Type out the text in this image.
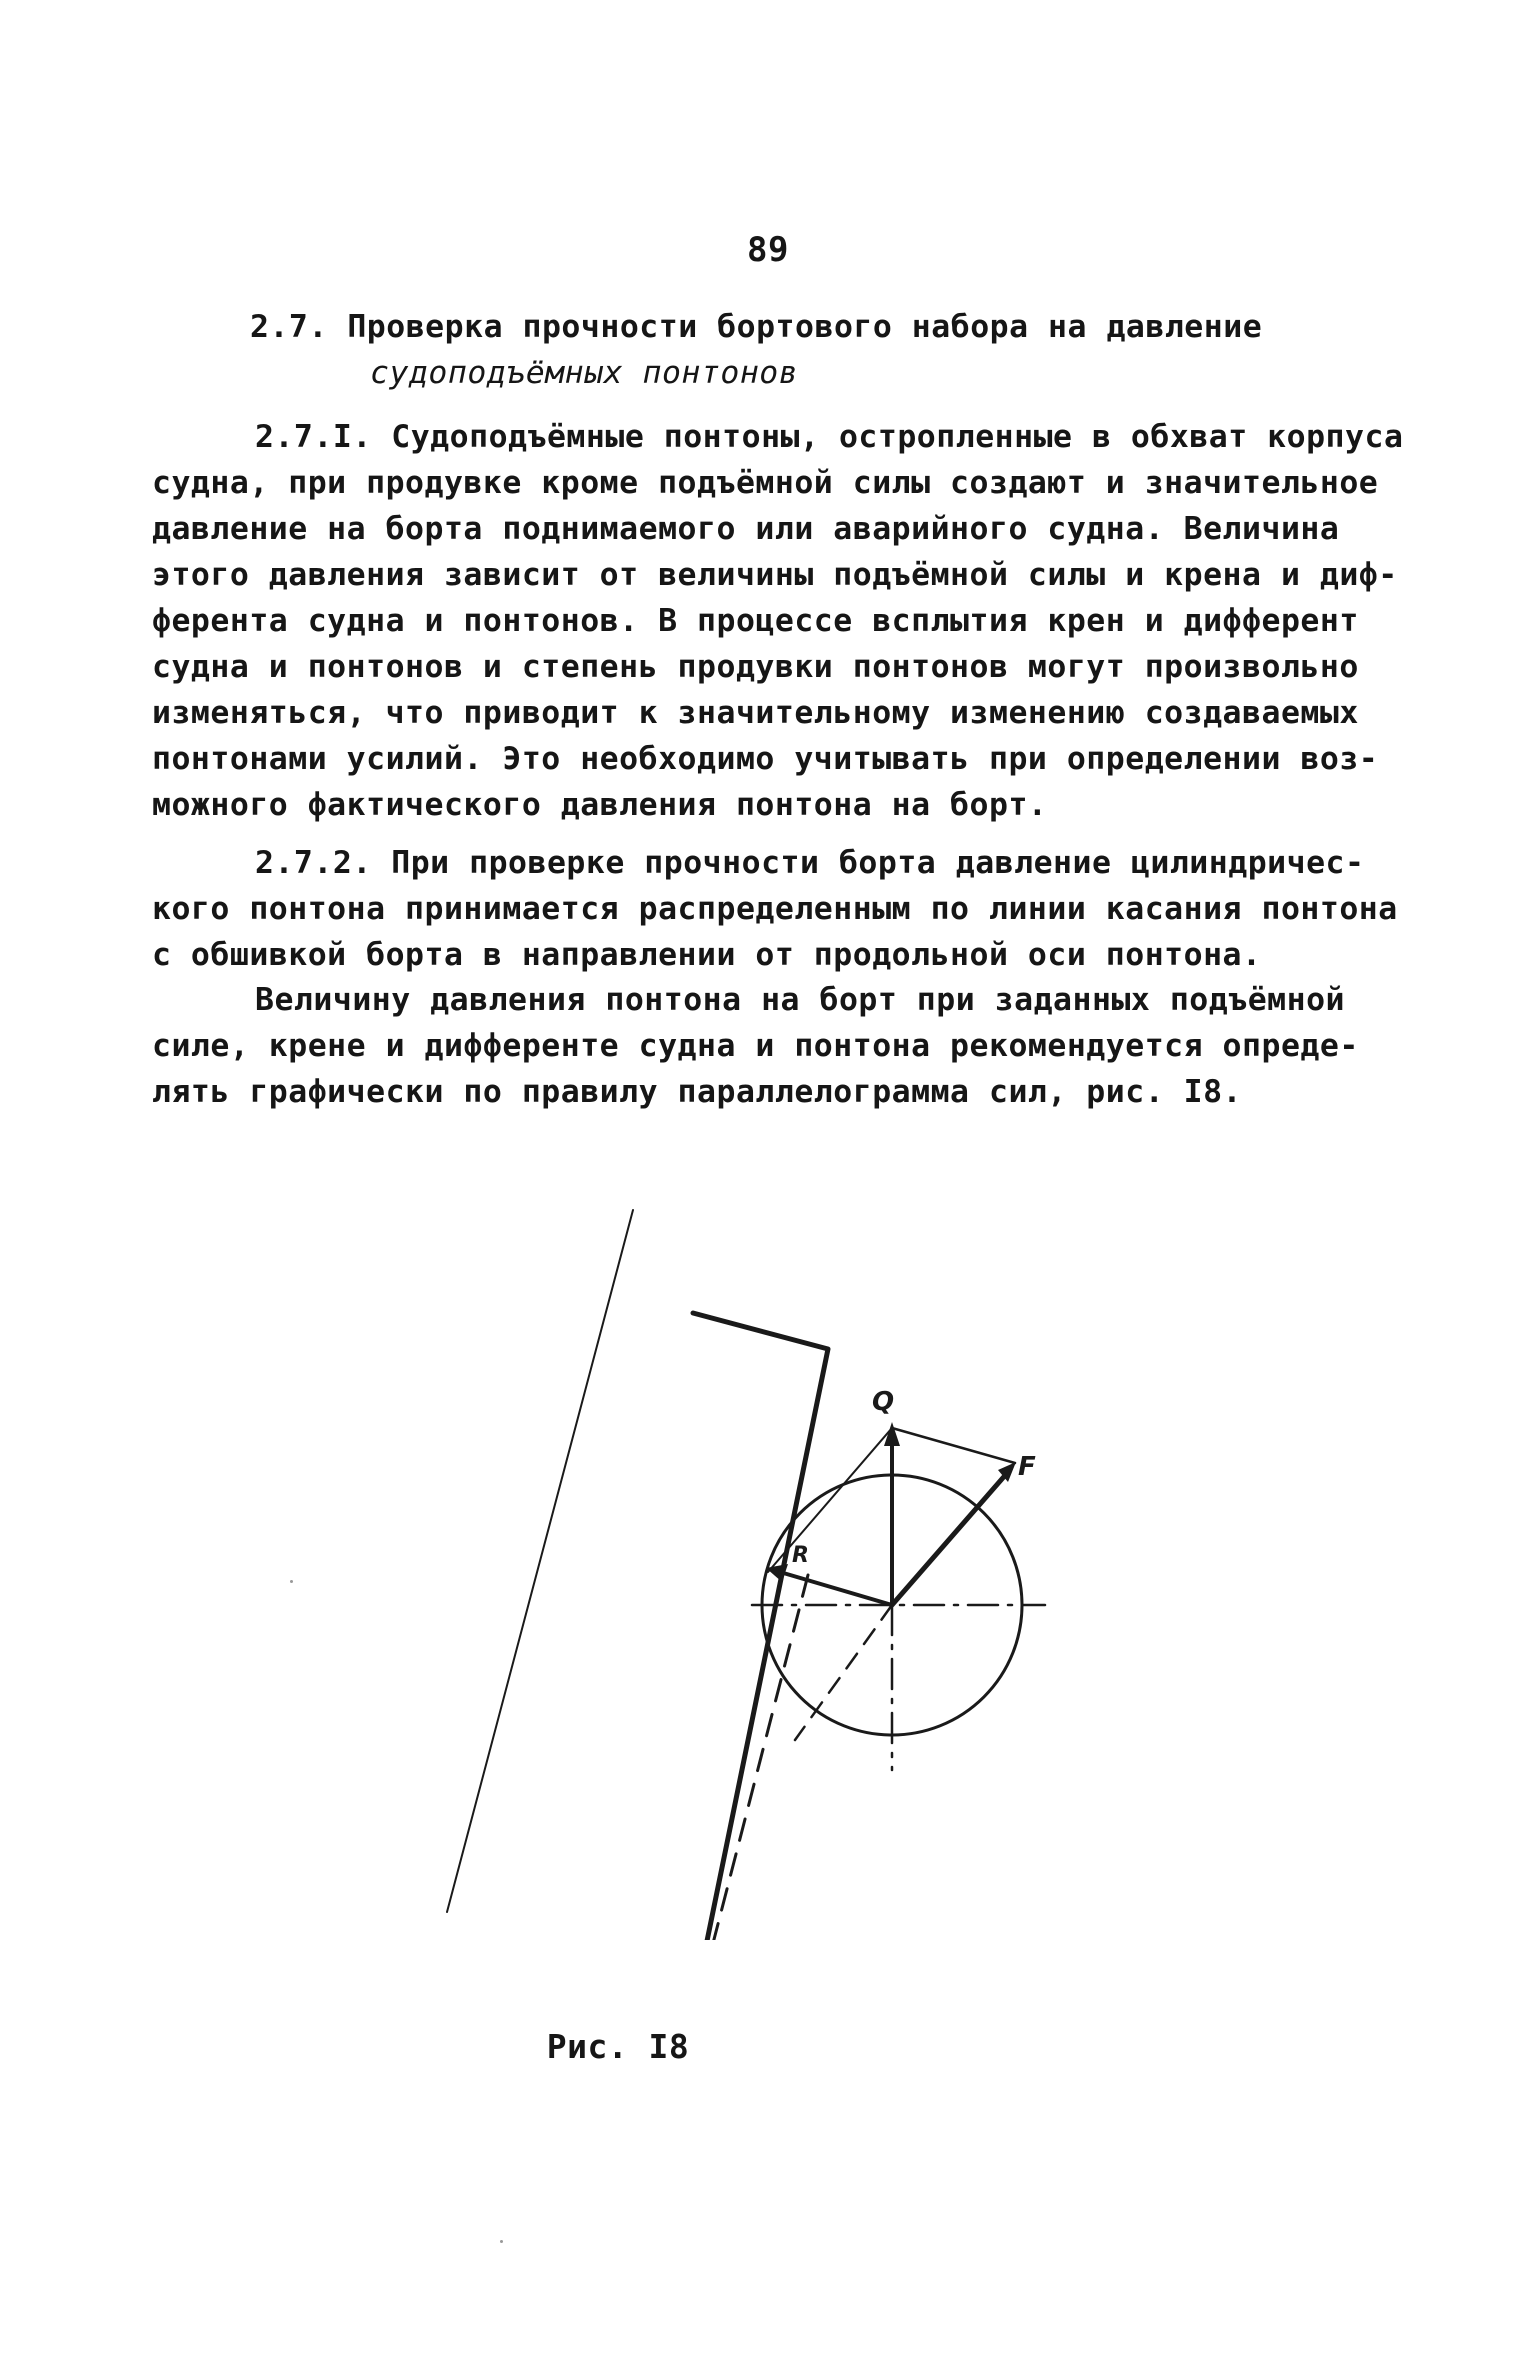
89
2.7. Проверка прочности бортового набора на давление
судоподъёмных понтонов
2.7.I. Судоподъёмные понтоны, остропленные в обхват корпуса
судна, при продувке кроме подъёмной силы создают и значительное
давление на борта поднимаемого или аварийного судна. Величина
этого давления зависит от величины подъёмной силы и крена и диф-
ферента судна и понтонов. В процессе всплытия крен и дифферент
судна и понтонов и степень продувки понтонов могут произвольно
изменяться, что приводит к значительному изменению создаваемых
понтонами усилий. Это необходимо учитывать при определении воз-
можного фактического давления понтона на борт.
2.7.2. При проверке прочности борта давление цилиндричес-
кого понтона принимается распределенным по линии касания понтона
с обшивкой борта в направлении от продольной оси понтона.
Величину давления понтона на борт при заданных подъёмной
силе, крене и дифференте судна и понтона рекомендуется опреде-
лять графически по правилу параллелограмма сил, рис. I8.
Q
F
R
Рис. I8
